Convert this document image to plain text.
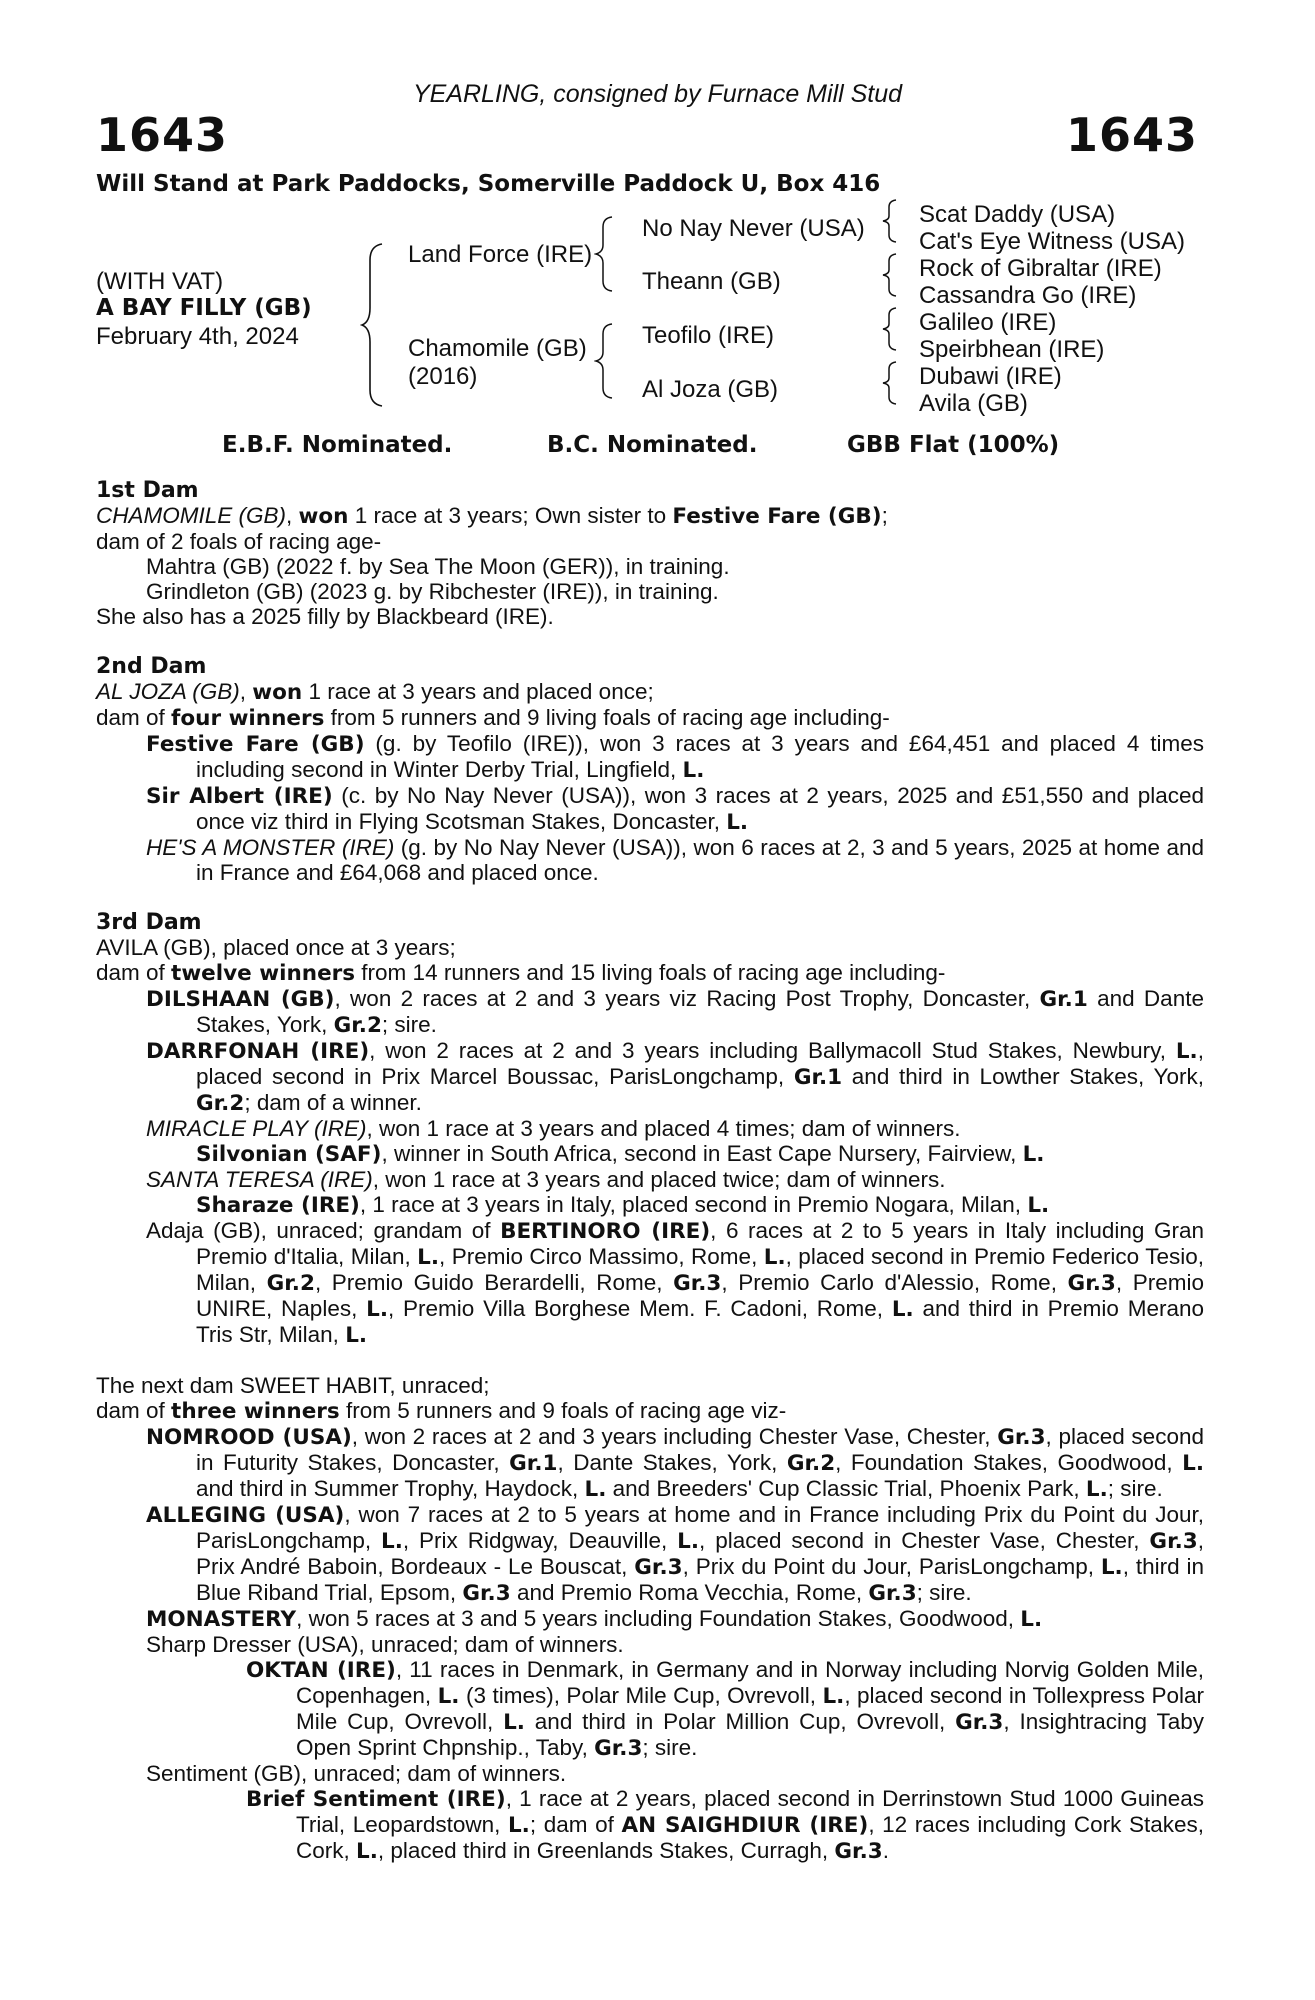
YEARLING, consigned by Furnace Mill Stud
1643	1643
Will Stand at Park Paddocks, Somerville Paddock U, Box 416
(WITH VAT)
A BAY FILLY (GB)
February 4th, 2024
Land Force (IRE)
Chamomile (GB)
(2016)
No Nay Never (USA)
Theann (GB)
Teofilo (IRE)
Al Joza (GB)
Scat Daddy (USA)
Cat's Eye Witness (USA)
Rock of Gibraltar (IRE)
Cassandra Go (IRE)
Galileo (IRE)
Speirbhean (IRE)
Dubawi (IRE)
Avila (GB)
E.B.F. Nominated.	B.C. Nominated.	GBB Flat (100%)
1st Dam

CHAMOMILE (GB), won 1 race at 3 years; Own sister to Festive Fare (GB);

dam of 2 foals of racing age-

Mahtra (GB) (2022 f. by Sea The Moon (GER)), in training.

Grindleton (GB) (2023 g. by Ribchester (IRE)), in training.

She also has a 2025 filly by Blackbeard (IRE).

2nd Dam

AL JOZA (GB), won 1 race at 3 years and placed once;

dam of four winners from 5 runners and 9 living foals of racing age including-

Festive Fare (GB) (g. by Teofilo (IRE)), won 3 races at 3 years and £64,451 and placed 4 times including second in Winter Derby Trial, Lingfield, L.

Sir Albert (IRE) (c. by No Nay Never (USA)), won 3 races at 2 years, 2025 and £51,550 and placed once viz third in Flying Scotsman Stakes, Doncaster, L.

HE'S A MONSTER (IRE) (g. by No Nay Never (USA)), won 6 races at 2, 3 and 5 years, 2025 at home and in France and £64,068 and placed once.

3rd Dam

AVILA (GB), placed once at 3 years;

dam of twelve winners from 14 runners and 15 living foals of racing age including-

DILSHAAN (GB), won 2 races at 2 and 3 years viz Racing Post Trophy, Doncaster, Gr.1 and Dante Stakes, York, Gr.2; sire.

DARRFONAH (IRE), won 2 races at 2 and 3 years including Ballymacoll Stud Stakes, Newbury, L., placed second in Prix Marcel Boussac, ParisLongchamp, Gr.1 and third in Lowther Stakes, York, Gr.2; dam of a winner.

MIRACLE PLAY (IRE), won 1 race at 3 years and placed 4 times; dam of winners.

Silvonian (SAF), winner in South Africa, second in East Cape Nursery, Fairview, L.

SANTA TERESA (IRE), won 1 race at 3 years and placed twice; dam of winners.

Sharaze (IRE), 1 race at 3 years in Italy, placed second in Premio Nogara, Milan, L.

Adaja (GB), unraced; grandam of BERTINORO (IRE), 6 races at 2 to 5 years in Italy including Gran Premio d'Italia, Milan, L., Premio Circo Massimo, Rome, L., placed second in Premio Federico Tesio, Milan, Gr.2, Premio Guido Berardelli, Rome, Gr.3, Premio Carlo d'Alessio, Rome, Gr.3, Premio UNIRE, Naples, L., Premio Villa Borghese Mem. F. Cadoni, Rome, L. and third in Premio Merano Tris Str, Milan, L.

The next dam SWEET HABIT, unraced;

dam of three winners from 5 runners and 9 foals of racing age viz-

NOMROOD (USA), won 2 races at 2 and 3 years including Chester Vase, Chester, Gr.3, placed second in Futurity Stakes, Doncaster, Gr.1, Dante Stakes, York, Gr.2, Foundation Stakes, Goodwood, L. and third in Summer Trophy, Haydock, L. and Breeders' Cup Classic Trial, Phoenix Park, L.; sire.

ALLEGING (USA), won 7 races at 2 to 5 years at home and in France including Prix du Point du Jour, ParisLongchamp, L., Prix Ridgway, Deauville, L., placed second in Chester Vase, Chester, Gr.3, Prix André Baboin, Bordeaux - Le Bouscat, Gr.3, Prix du Point du Jour, ParisLongchamp, L., third in Blue Riband Trial, Epsom, Gr.3 and Premio Roma Vecchia, Rome, Gr.3; sire.

MONASTERY, won 5 races at 3 and 5 years including Foundation Stakes, Goodwood, L.

Sharp Dresser (USA), unraced; dam of winners.

OKTAN (IRE), 11 races in Denmark, in Germany and in Norway including Norvig Golden Mile, Copenhagen, L. (3 times), Polar Mile Cup, Ovrevoll, L., placed second in Tollexpress Polar Mile Cup, Ovrevoll, L. and third in Polar Million Cup, Ovrevoll, Gr.3, Insightracing Taby Open Sprint Chpnship., Taby, Gr.3; sire.

Sentiment (GB), unraced; dam of winners.

Brief Sentiment (IRE), 1 race at 2 years, placed second in Derrinstown Stud 1000 Guineas Trial, Leopardstown, L.; dam of AN SAIGHDIUR (IRE), 12 races including Cork Stakes, Cork, L., placed third in Greenlands Stakes, Curragh, Gr.3.
